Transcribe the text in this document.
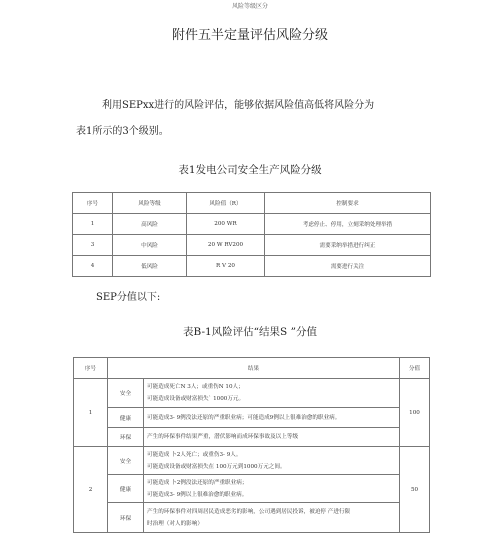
风险等级区分
附件五半定量评估风险分级
利用SEPxx进行的风险评估，能够依据风险值高低将风险分为
表1所示的3个级别。
表1发电公司安全生产风险分级
序号	风险等级	风险值（R）	控制要求
1	高风险	200 WR	考虑停止、停用，立刻采纳处理举措
3	中风险	20 W RV200	需要采纳举措进行纠正
4	低风险	R V 20	需要进行关注
SEP分值以下:
表B-1风险评估“结果S ”分值
序号	结果		分值
1	安全	可能造成死亡N 3人；或重伤N 10人；
可能造成设备或财富损失` 1000万元。	100
	健康	可能造成3- 9例没法还原的严重职业病；可能造成9例以上很难治愈的职业病。	

	环保	产生的环保事件结果严重，潜伏影响而成环保事故及以上等级	

2	安全	可能造成 卜2人死亡；或重伤3- 9人。
可能造成设备或财富损失在 100万元到1000万元之间。	50
	健康	可能造成 卜2例没法还原的严重职业病；
可能造成3- 9例以上很难治愈的职业病。	

	环保	产生的环保事件对四周居民造成恶劣的影响，公司遇到居民投诉，被迫停 产进行限
时治理（对人的影响）	
